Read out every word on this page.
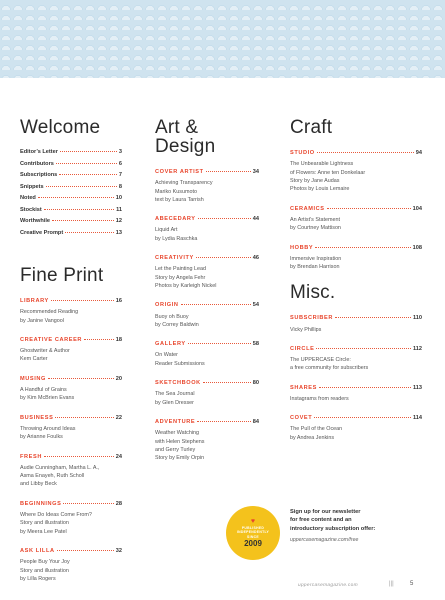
Welcome
Editor’s Letter	3
Contributors	6
Subscriptions	7
Snippets	8
Noted	10
Stockist	11
Worthwhile	12
Creative Prompt	13
Fine Print
LIBRARY	16
Recommended Reading
by Janine Vangool
CREATIVE CAREER	18
Ghostwriter & Author
Kem Carter
MUSING	20
A Handful of Grains
by Kim McBrien Evans
BUSINESS	22
Throwing Around Ideas
by Arianne Foulks
FRESH	24
Audie Cunningham, Martha L. A.,
Asma Enayeh, Ruth Scholl
and Libby Beck
BEGINNINGS	28
Where Do Ideas Come From?
Story and illustration
by Meera Lee Patel
ASK LILLA	32
People Buy Your Joy
Story and illustration
by Lilla Rogers
Art & Design
COVER ARTIST	34
Achieving Transparency
Mariko Kusumoto
text by Laura Tarrish
ABECEDARY	44
Liquid Art
by Lydia Raschka
CREATIVITY	46
Let the Painting Lead
Story by Angela Fehr
Photos by Karleigh Nickel
ORIGIN	54
Buoy oh Buoy
by Correy Baldwin
GALLERY	58
On Water
Reader Submissions
SKETCHBOOK	80
The Sea Journal
by Glen Dresser
ADVENTURE	84
Weather Watching
with Helen Stephens
and Gerry Turley
Story by Emily Orpin
Craft
STUDIO	94
The Unbearable Lightness
of Flowers: Anne ten Donkelaar
Story by Jane Audas
Photos by Louis Lemaire
CERAMICS	104
An Artist’s Statement
by Courtney Mattison
HOBBY	108
Immersive Inspiration
by Brendan Harrison
Misc.
SUBSCRIBER	110
Vicky Phillips
CIRCLE	112
The UPPERCASE Circle:
a free community for subscribers
SHARES	113
Instagrams from readers
COVET	114
The Pull of the Ocean
by Andrea Jenkins
♥
PUBLISHED
INDEPENDENTLY
SINCE
2009
Sign up for our newsletter
for free content and an
introductory subscription offer:
uppercasemagazine.com/free
uppercasemagazine.com	|||	5
